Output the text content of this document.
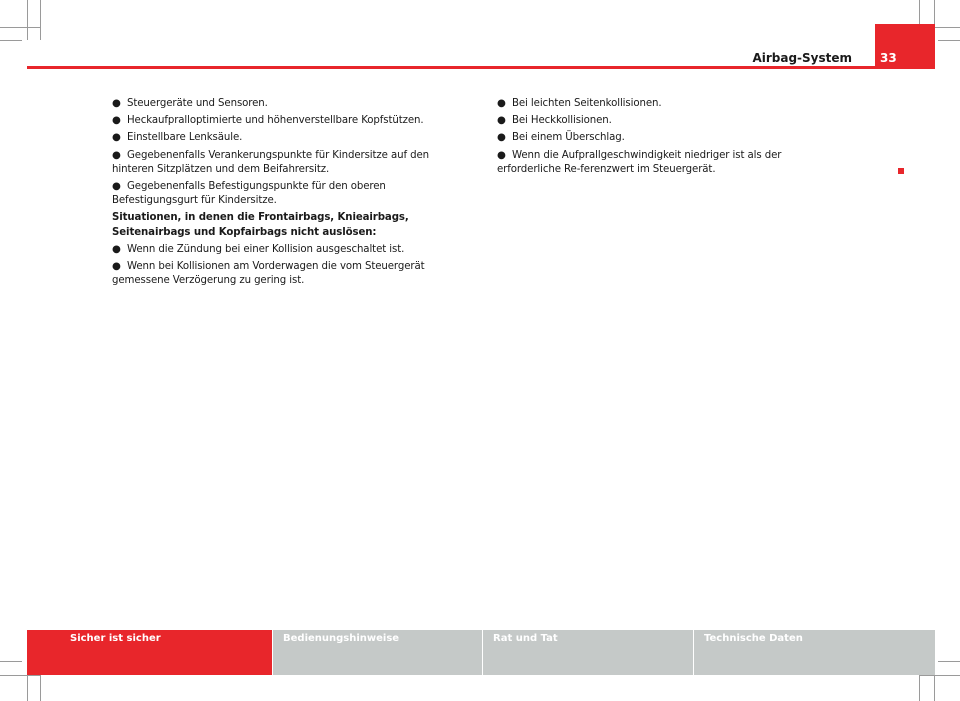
Airbag-System 33
● Steuergeräte und Sensoren.
● Heckaufpralloptimierte und höhenverstellbare Kopfstützen.
● Einstellbare Lenksäule.
● Gegebenenfalls Verankerungspunkte für Kindersitze auf den hinteren Sitzplätzen und dem Beifahrersitz.
● Gegebenenfalls Befestigungspunkte für den oberen Befestigungsgurt für Kindersitze.
Situationen, in denen die Frontairbags, Knieairbags, Seitenairbags und Kopfairbags nicht auslösen:
● Wenn die Zündung bei einer Kollision ausgeschaltet ist.
● Wenn bei Kollisionen am Vorderwagen die vom Steuergerät gemessene Verzögerung zu gering ist.
● Bei leichten Seitenkollisionen.
● Bei Heckkollisionen.
● Bei einem Überschlag.
● Wenn die Aufprallgeschwindigkeit niedriger ist als der erforderliche Re-ferenzwert im Steuergerät.
Sicher ist sicher	Bedienungshinweise	Rat und Tat	Technische Daten
